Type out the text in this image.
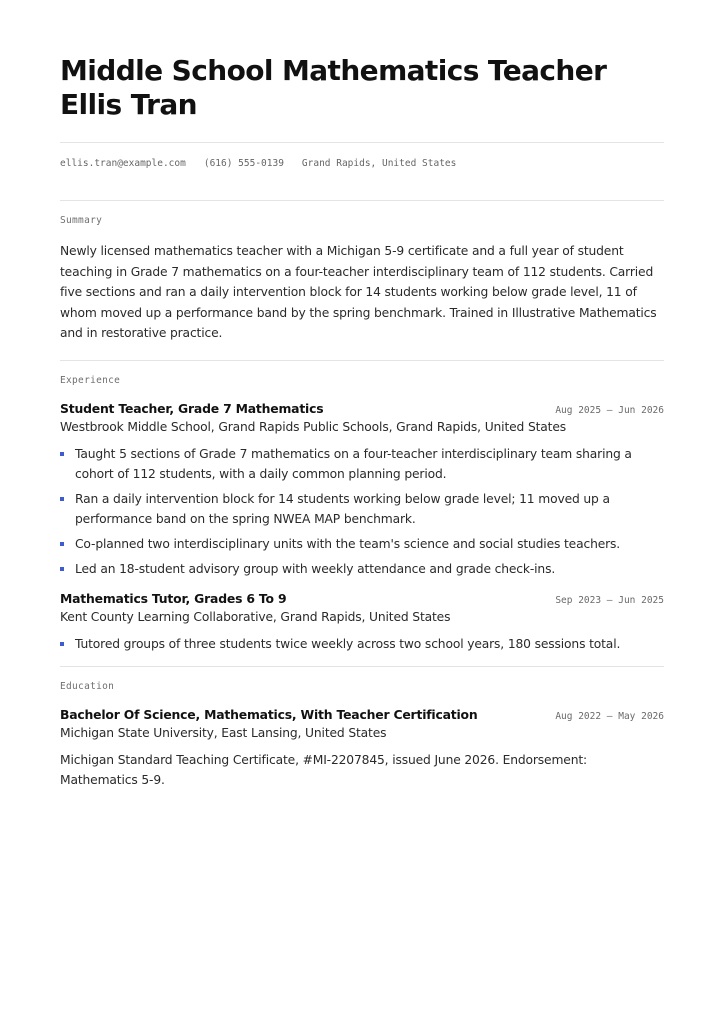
Middle School Mathematics Teacher Ellis Tran
ellis.tran@example.com (616) 555-0139 Grand Rapids, United States
Summary

Newly licensed mathematics teacher with a Michigan 5-9 certificate and a full year of student teaching in Grade 7 mathematics on a four-teacher interdisciplinary team of 112 students. Carried five sections and ran a daily intervention block for 14 students working below grade level, 11 of whom moved up a performance band by the spring benchmark. Trained in Illustrative Mathematics and in restorative practice.

Experience
Student Teacher, Grade 7 Mathematics	Aug 2025 – Jun 2026
Westbrook Middle School, Grand Rapids Public Schools, Grand Rapids, United States
Taught 5 sections of Grade 7 mathematics on a four-teacher interdisciplinary team sharing a cohort of 112 students, with a daily common planning period.
Ran a daily intervention block for 14 students working below grade level; 11 moved up a performance band on the spring NWEA MAP benchmark.
Co-planned two interdisciplinary units with the team's science and social studies teachers.
Led an 18-student advisory group with weekly attendance and grade check-ins.
Mathematics Tutor, Grades 6 To 9	Sep 2023 – Jun 2025
Kent County Learning Collaborative, Grand Rapids, United States
Tutored groups of three students twice weekly across two school years, 180 sessions total.
Education
Bachelor Of Science, Mathematics, With Teacher Certification	Aug 2022 – May 2026
Michigan State University, East Lansing, United States
Michigan Standard Teaching Certificate, #MI-2207845, issued June 2026. Endorsement: Mathematics 5-9.
